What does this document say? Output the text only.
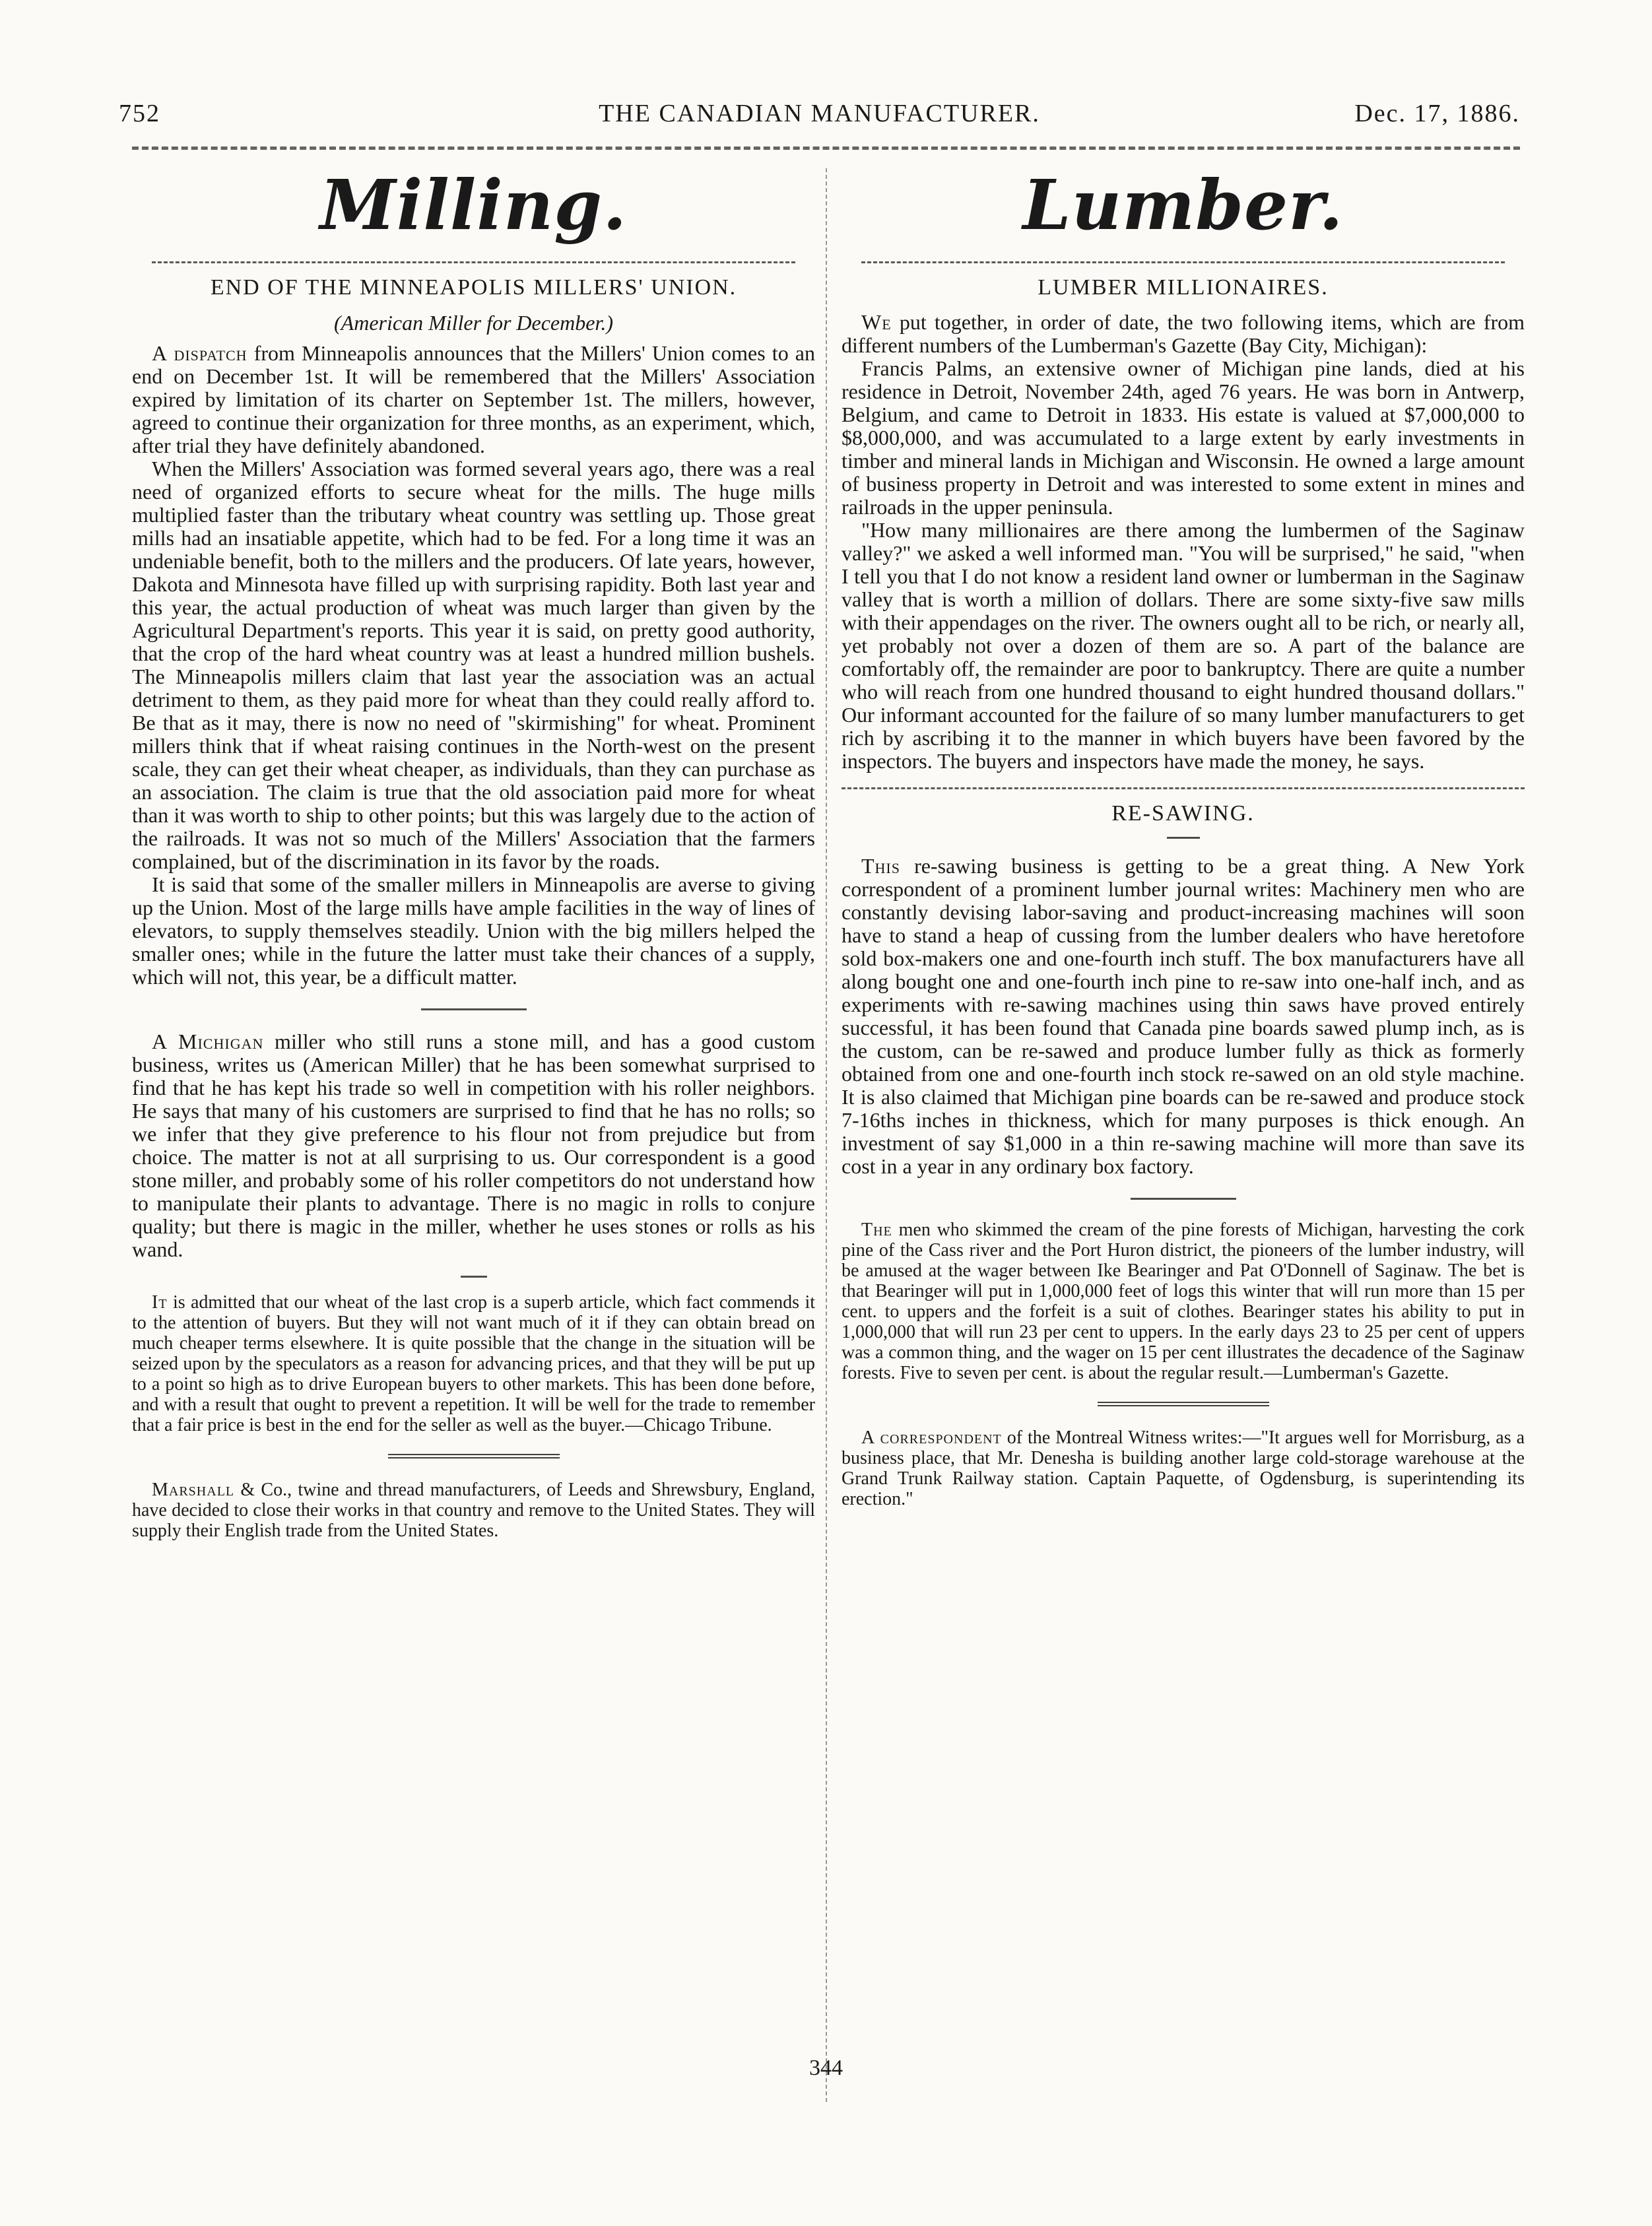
752	THE CANADIAN MANUFACTURER.	Dec. 17, 1886.
Milling.
END OF THE MINNEAPOLIS MILLERS' UNION.
(American Miller for December.)

A dispatch from Minneapolis announces that the Millers' Union comes to an end on December 1st. It will be remembered that the Millers' Association expired by limitation of its charter on September 1st. The millers, however, agreed to continue their organization for three months, as an experiment, which, after trial they have definitely abandoned.

When the Millers' Association was formed several years ago, there was a real need of organized efforts to secure wheat for the mills. The huge mills multiplied faster than the tributary wheat country was settling up. Those great mills had an insatiable appetite, which had to be fed. For a long time it was an undeniable benefit, both to the millers and the producers. Of late years, however, Dakota and Minnesota have filled up with surprising rapidity. Both last year and this year, the actual production of wheat was much larger than given by the Agricultural Department's reports. This year it is said, on pretty good authority, that the crop of the hard wheat country was at least a hundred million bushels. The Minneapolis millers claim that last year the association was an actual detriment to them, as they paid more for wheat than they could really afford to. Be that as it may, there is now no need of "skirmishing" for wheat. Prominent millers think that if wheat raising continues in the North-west on the present scale, they can get their wheat cheaper, as individuals, than they can purchase as an association. The claim is true that the old association paid more for wheat than it was worth to ship to other points; but this was largely due to the action of the railroads. It was not so much of the Millers' Association that the farmers complained, but of the discrimination in its favor by the roads.

It is said that some of the smaller millers in Minneapolis are averse to giving up the Union. Most of the large mills have ample facilities in the way of lines of elevators, to supply themselves steadily. Union with the big millers helped the smaller ones; while in the future the latter must take their chances of a supply, which will not, this year, be a difficult matter.

A Michigan miller who still runs a stone mill, and has a good custom business, writes us (American Miller) that he has been somewhat surprised to find that he has kept his trade so well in competition with his roller neighbors. He says that many of his customers are surprised to find that he has no rolls; so we infer that they give preference to his flour not from prejudice but from choice. The matter is not at all surprising to us. Our correspondent is a good stone miller, and probably some of his roller competitors do not understand how to manipulate their plants to advantage. There is no magic in rolls to conjure quality; but there is magic in the miller, whether he uses stones or rolls as his wand.

It is admitted that our wheat of the last crop is a superb article, which fact commends it to the attention of buyers. But they will not want much of it if they can obtain bread on much cheaper terms elsewhere. It is quite possible that the change in the situation will be seized upon by the speculators as a reason for advancing prices, and that they will be put up to a point so high as to drive European buyers to other markets. This has been done before, and with a result that ought to prevent a repetition. It will be well for the trade to remember that a fair price is best in the end for the seller as well as the buyer.—Chicago Tribune.

Marshall & Co., twine and thread manufacturers, of Leeds and Shrewsbury, England, have decided to close their works in that country and remove to the United States. They will supply their English trade from the United States.

Lumber.
LUMBER MILLIONAIRES.

We put together, in order of date, the two following items, which are from different numbers of the Lumberman's Gazette (Bay City, Michigan):

Francis Palms, an extensive owner of Michigan pine lands, died at his residence in Detroit, November 24th, aged 76 years. He was born in Antwerp, Belgium, and came to Detroit in 1833. His estate is valued at $7,000,000 to $8,000,000, and was accumulated to a large extent by early investments in timber and mineral lands in Michigan and Wisconsin. He owned a large amount of business property in Detroit and was interested to some extent in mines and railroads in the upper peninsula.

"How many millionaires are there among the lumbermen of the Saginaw valley?" we asked a well informed man. "You will be surprised," he said, "when I tell you that I do not know a resident land owner or lumberman in the Saginaw valley that is worth a million of dollars. There are some sixty-five saw mills with their appendages on the river. The owners ought all to be rich, or nearly all, yet probably not over a dozen of them are so. A part of the balance are comfortably off, the remainder are poor to bankruptcy. There are quite a number who will reach from one hundred thousand to eight hundred thousand dollars." Our informant accounted for the failure of so many lumber manufacturers to get rich by ascribing it to the manner in which buyers have been favored by the inspectors. The buyers and inspectors have made the money, he says.

RE-SAWING.

This re-sawing business is getting to be a great thing. A New York correspondent of a prominent lumber journal writes: Machinery men who are constantly devising labor-saving and product-increasing machines will soon have to stand a heap of cussing from the lumber dealers who have heretofore sold box-makers one and one-fourth inch stuff. The box manufacturers have all along bought one and one-fourth inch pine to re-saw into one-half inch, and as experiments with re-sawing machines using thin saws have proved entirely successful, it has been found that Canada pine boards sawed plump inch, as is the custom, can be re-sawed and produce lumber fully as thick as formerly obtained from one and one-fourth inch stock re-sawed on an old style machine. It is also claimed that Michigan pine boards can be re-sawed and produce stock 7-16ths inches in thickness, which for many purposes is thick enough. An investment of say $1,000 in a thin re-sawing machine will more than save its cost in a year in any ordinary box factory.

The men who skimmed the cream of the pine forests of Michigan, harvesting the cork pine of the Cass river and the Port Huron district, the pioneers of the lumber industry, will be amused at the wager between Ike Bearinger and Pat O'Donnell of Saginaw. The bet is that Bearinger will put in 1,000,000 feet of logs this winter that will run more than 15 per cent. to uppers and the forfeit is a suit of clothes. Bearinger states his ability to put in 1,000,000 that will run 23 per cent to uppers. In the early days 23 to 25 per cent of uppers was a common thing, and the wager on 15 per cent illustrates the decadence of the Saginaw forests. Five to seven per cent. is about the regular result.—Lumberman's Gazette.

A correspondent of the Montreal Witness writes:—"It argues well for Morrisburg, as a business place, that Mr. Denesha is building another large cold-storage warehouse at the Grand Trunk Railway station. Captain Paquette, of Ogdensburg, is superintending its erection."

344
